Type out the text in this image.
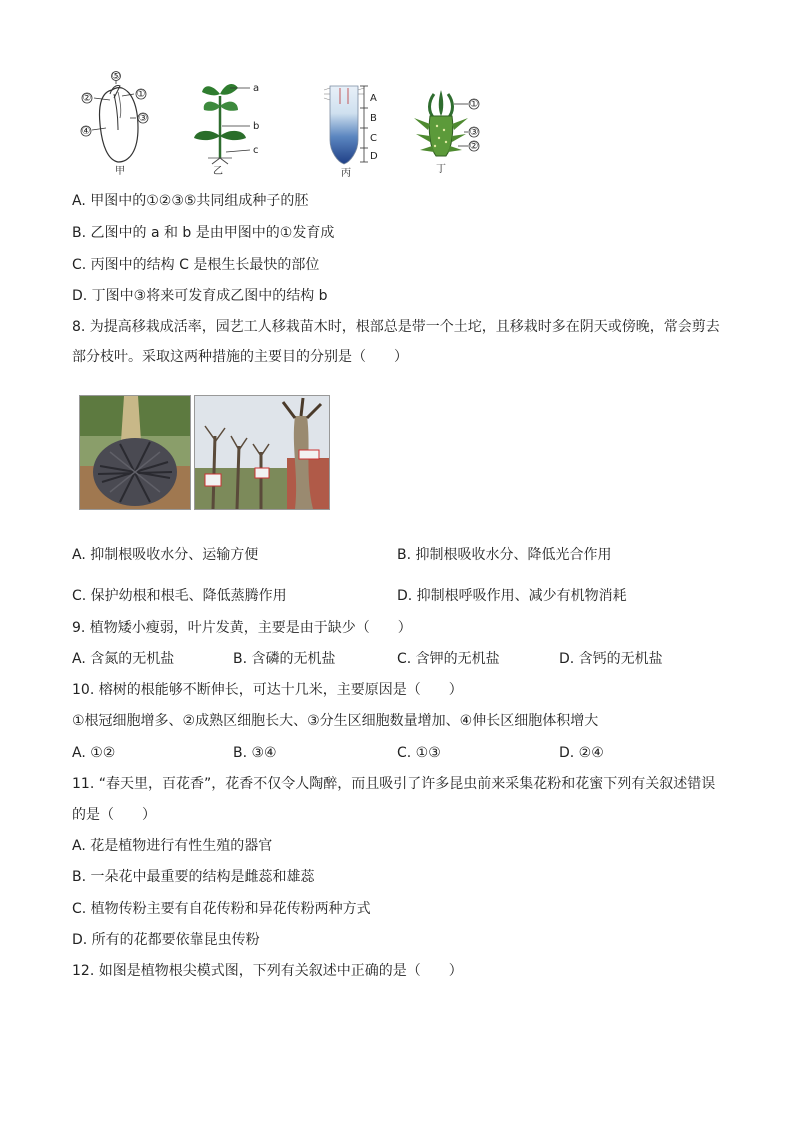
⑤
①
②
③
④
甲
a
b
c
乙
A
B
C
D
丙
①
③
②
丁
A. 甲图中的①②③⑤共同组成种子的胚
B. 乙图中的 a 和 b 是由甲图中的①发育成
C. 丙图中的结构 C 是根生长最快的部位
D. 丁图中③将来可发育成乙图中的结构 b
8. 为提高移栽成活率，园艺工人移栽苗木时，根部总是带一个土坨，且移栽时多在阴天或傍晚，常会剪去
部分枝叶。采取这两种措施的主要目的分别是（　　）
A. 抑制根吸收水分、运输方便	B. 抑制根吸收水分、降低光合作用
C. 保护幼根和根毛、降低蒸腾作用	D. 抑制根呼吸作用、减少有机物消耗
9. 植物矮小瘦弱，叶片发黄，主要是由于缺少（　　）
A. 含氮的无机盐	B. 含磷的无机盐	C. 含钾的无机盐	D. 含钙的无机盐
10. 榕树的根能够不断伸长，可达十几米，主要原因是（　　）
①根冠细胞增多、②成熟区细胞长大、③分生区细胞数量增加、④伸长区细胞体积增大
A. ①②	B. ③④	C. ①③	D. ②④
11. “春天里，百花香”，花香不仅令人陶醉，而且吸引了许多昆虫前来采集花粉和花蜜下列有关叙述错误
的是（　　）
A. 花是植物进行有性生殖的器官
B. 一朵花中最重要的结构是雌蕊和雄蕊
C. 植物传粉主要有自花传粉和异花传粉两种方式
D. 所有的花都要依靠昆虫传粉
12. 如图是植物根尖模式图，下列有关叙述中正确的是（　　）
